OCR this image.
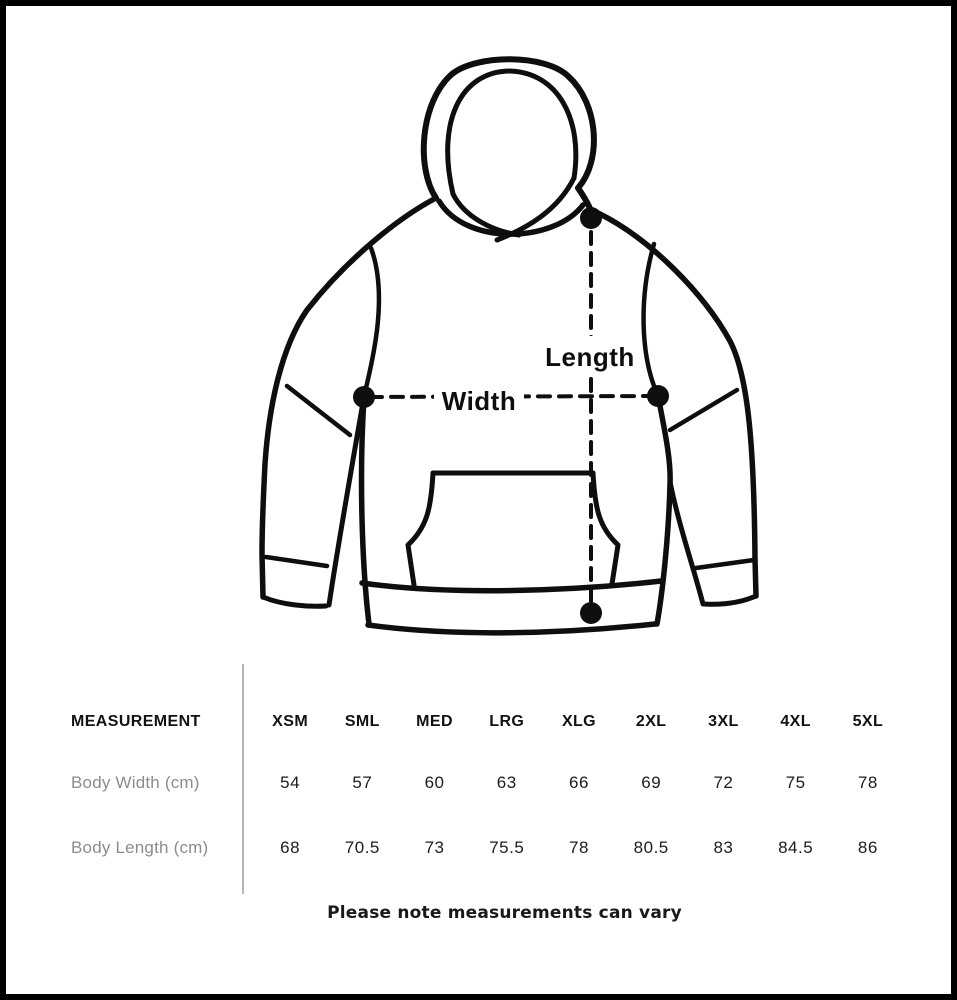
Width
Length
MEASUREMENT	XSM	SML	MED	LRG	XLG	2XL	3XL	4XL	5XL
Body Width (cm)	54	57	60	63	66	69	72	75	78
Body Length (cm)	68	70.5	73	75.5	78	80.5	83	84.5	86
Please note measurements can vary
